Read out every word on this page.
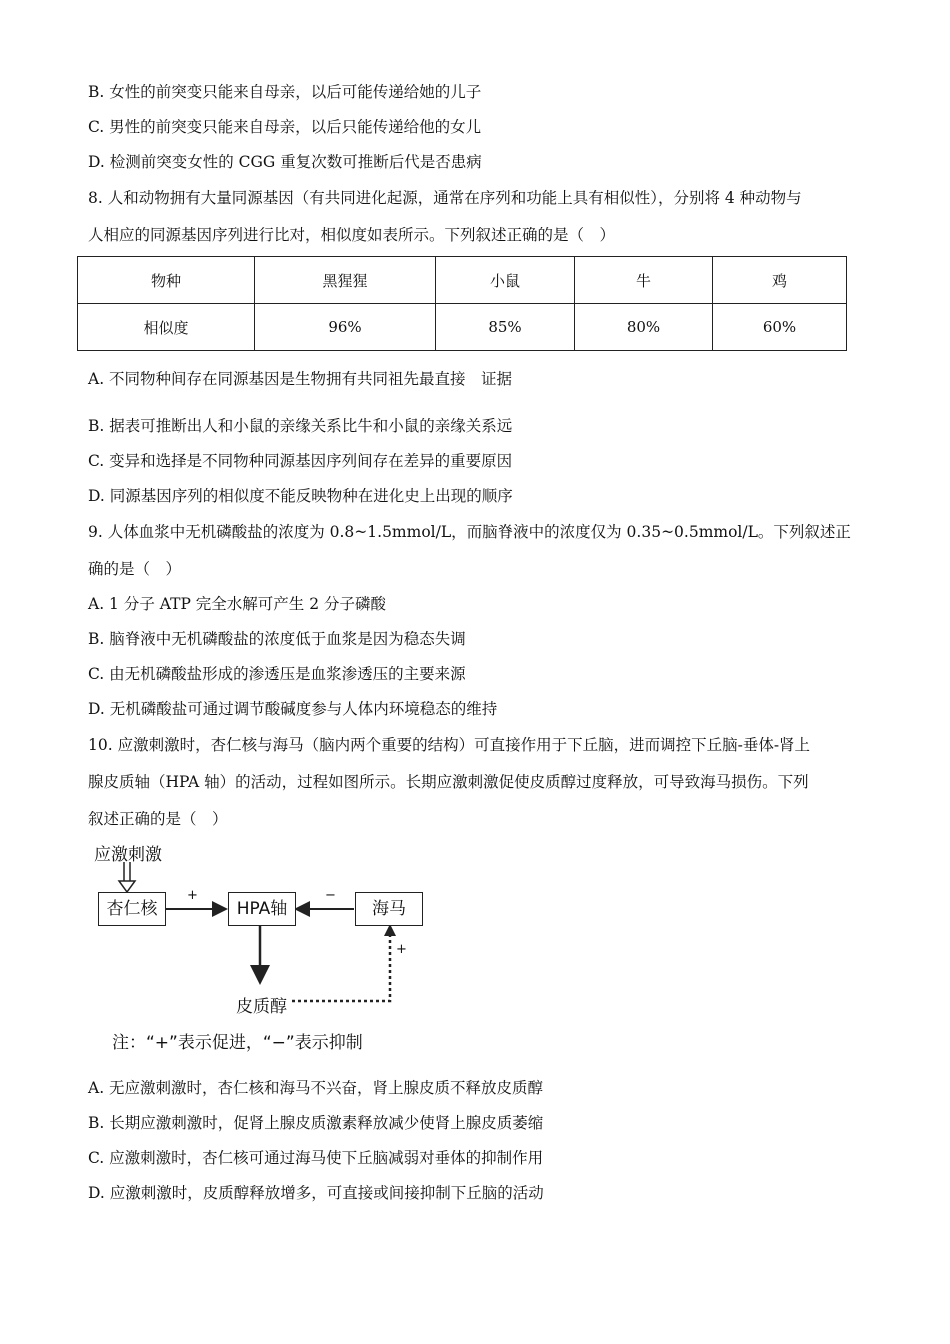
B. 女性的前突变只能来自母亲，以后可能传递给她的儿子
C. 男性的前突变只能来自母亲，以后只能传递给他的女儿
D. 检测前突变女性的 CGG 重复次数可推断后代是否患病
8. 人和动物拥有大量同源基因（有共同进化起源，通常在序列和功能上具有相似性），分别将 4 种动物与
人相应的同源基因序列进行比对，相似度如表所示。下列叙述正确的是（　）
物种	黑猩猩	小鼠	牛	鸡
相似度	96%	85%	80%	60%
A. 不同物种间存在同源基因是生物拥有共同祖先最直接　证据
B. 据表可推断出人和小鼠的亲缘关系比牛和小鼠的亲缘关系远
C. 变异和选择是不同物种同源基因序列间存在差异的重要原因
D. 同源基因序列的相似度不能反映物种在进化史上出现的顺序
9. 人体血浆中无机磷酸盐的浓度为 0.8~1.5mmol/L，而脑脊液中的浓度仅为 0.35~0.5mmol/L。下列叙述正
确的是（　）
A. 1 分子 ATP 完全水解可产生 2 分子磷酸
B. 脑脊液中无机磷酸盐的浓度低于血浆是因为稳态失调
C. 由无机磷酸盐形成的渗透压是血浆渗透压的主要来源
D. 无机磷酸盐可通过调节酸碱度参与人体内环境稳态的维持
10. 应激刺激时，杏仁核与海马（脑内两个重要的结构）可直接作用于下丘脑，进而调控下丘脑-垂体-肾上
腺皮质轴（HPA 轴）的活动，过程如图所示。长期应激刺激促使皮质醇过度释放，可导致海马损伤。下列
叙述正确的是（　）
应激刺激
杏仁核	HPA轴	海马
+	−
+
皮质醇
注：“+”表示促进，“−”表示抑制
A. 无应激刺激时，杏仁核和海马不兴奋，肾上腺皮质不释放皮质醇
B. 长期应激刺激时，促肾上腺皮质激素释放减少使肾上腺皮质萎缩
C. 应激刺激时，杏仁核可通过海马使下丘脑减弱对垂体的抑制作用
D. 应激刺激时，皮质醇释放增多，可直接或间接抑制下丘脑的活动
